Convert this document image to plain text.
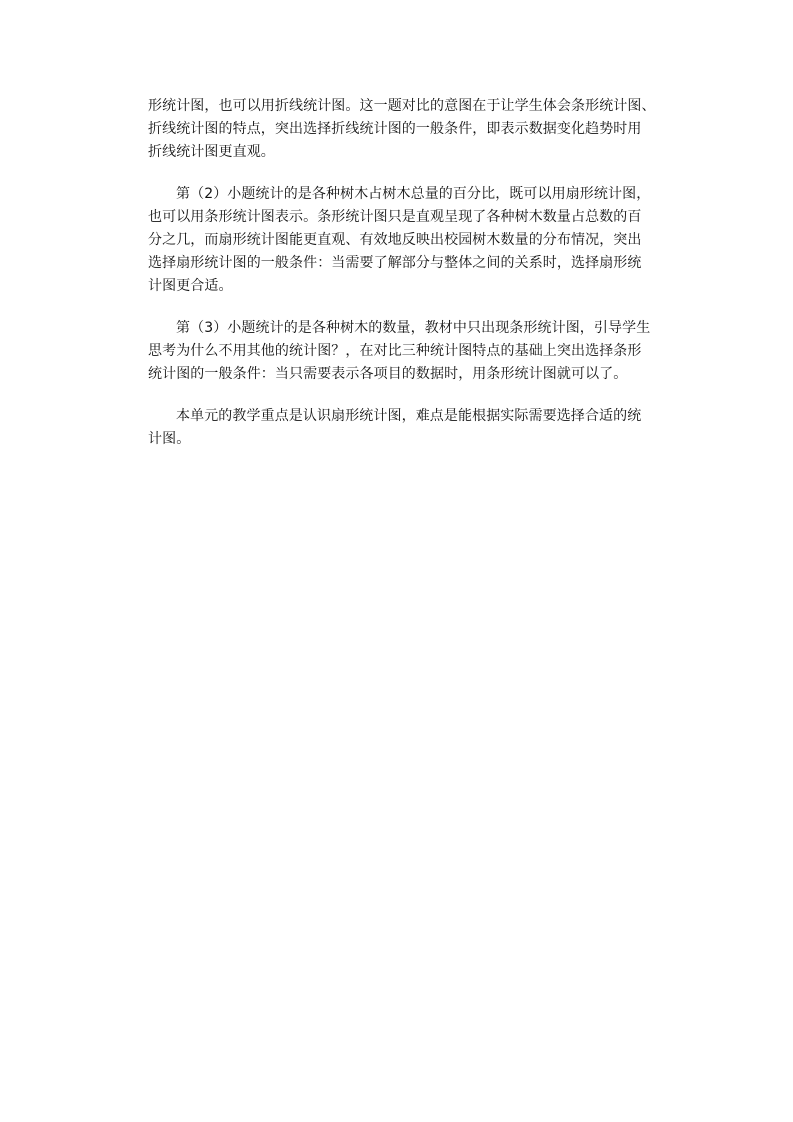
形统计图，也可以用折线统计图。这一题对比的意图在于让学生体会条形统计图、
折线统计图的特点，突出选择折线统计图的一般条件，即表示数据变化趋势时用
折线统计图更直观。

第（2）小题统计的是各种树木占树木总量的百分比，既可以用扇形统计图，
也可以用条形统计图表示。条形统计图只是直观呈现了各种树木数量占总数的百
分之几，而扇形统计图能更直观、有效地反映出校园树木数量的分布情况，突出
选择扇形统计图的一般条件：当需要了解部分与整体之间的关系时，选择扇形统
计图更合适。

第（3）小题统计的是各种树木的数量，教材中只出现条形统计图，引导学生
思考为什么不用其他的统计图？，在对比三种统计图特点的基础上突出选择条形
统计图的一般条件：当只需要表示各项目的数据时，用条形统计图就可以了。

本单元的教学重点是认识扇形统计图，难点是能根据实际需要选择合适的统
计图。
